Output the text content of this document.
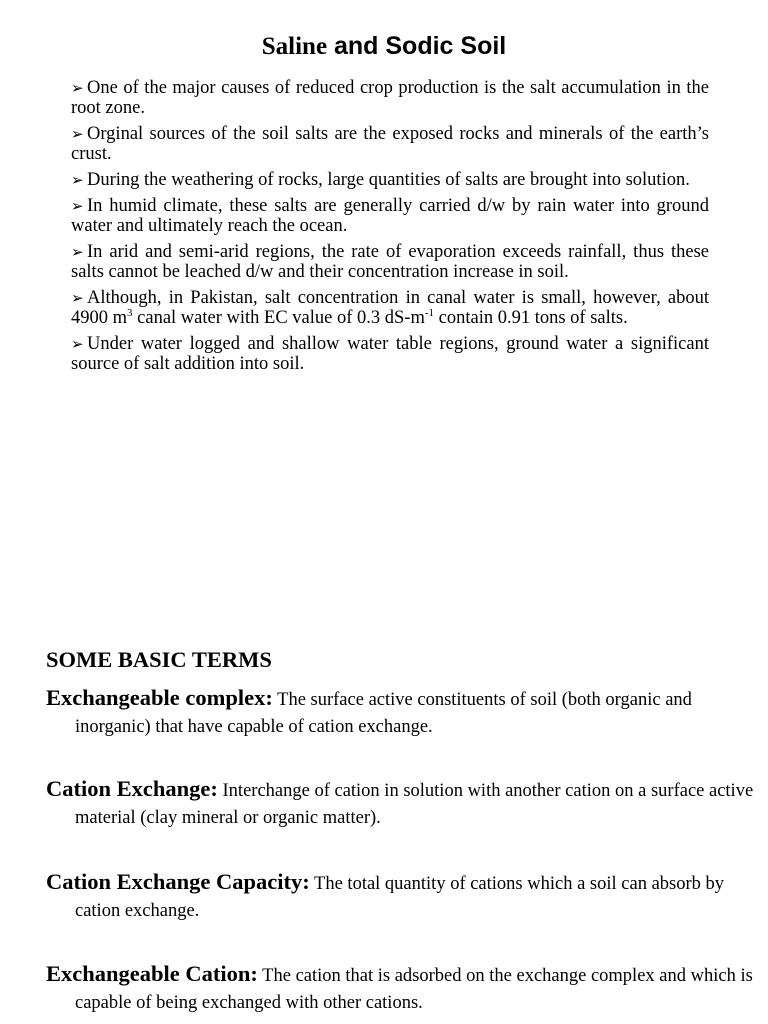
Saline and Sodic Soil
➢ One of the major causes of reduced crop production is the salt accumulation in the root zone.
➢ Orginal sources of the soil salts are the exposed rocks and minerals of the earth’s crust.
➢ During the weathering of rocks, large quantities of salts are brought into solution.
➢ In humid climate, these salts are generally carried d/w by rain water into ground water and ultimately reach the ocean.
➢ In arid and semi-arid regions, the rate of evaporation exceeds rainfall, thus these salts cannot be leached d/w and their concentration increase in soil.
➢ Although, in Pakistan, salt concentration in canal water is small, however, about 4900 $m^3$ canal water with EC value of 0.3 $dS-m^{-1}$ contain 0.91 tons of salts.
➢ Under water logged and shallow water table regions, ground water a significant source of salt addition into soil.
SOME BASIC TERMS

Exchangeable complex: The surface active constituents of soil (both organic and inorganic) that have capable of cation exchange.

Cation Exchange: Interchange of cation in solution with another cation on a surface active material (clay mineral or organic matter).

Cation Exchange Capacity: The total quantity of cations which a soil can absorb by cation exchange.

Exchangeable Cation: The cation that is adsorbed on the exchange complex and which is capable of being exchanged with other cations.
